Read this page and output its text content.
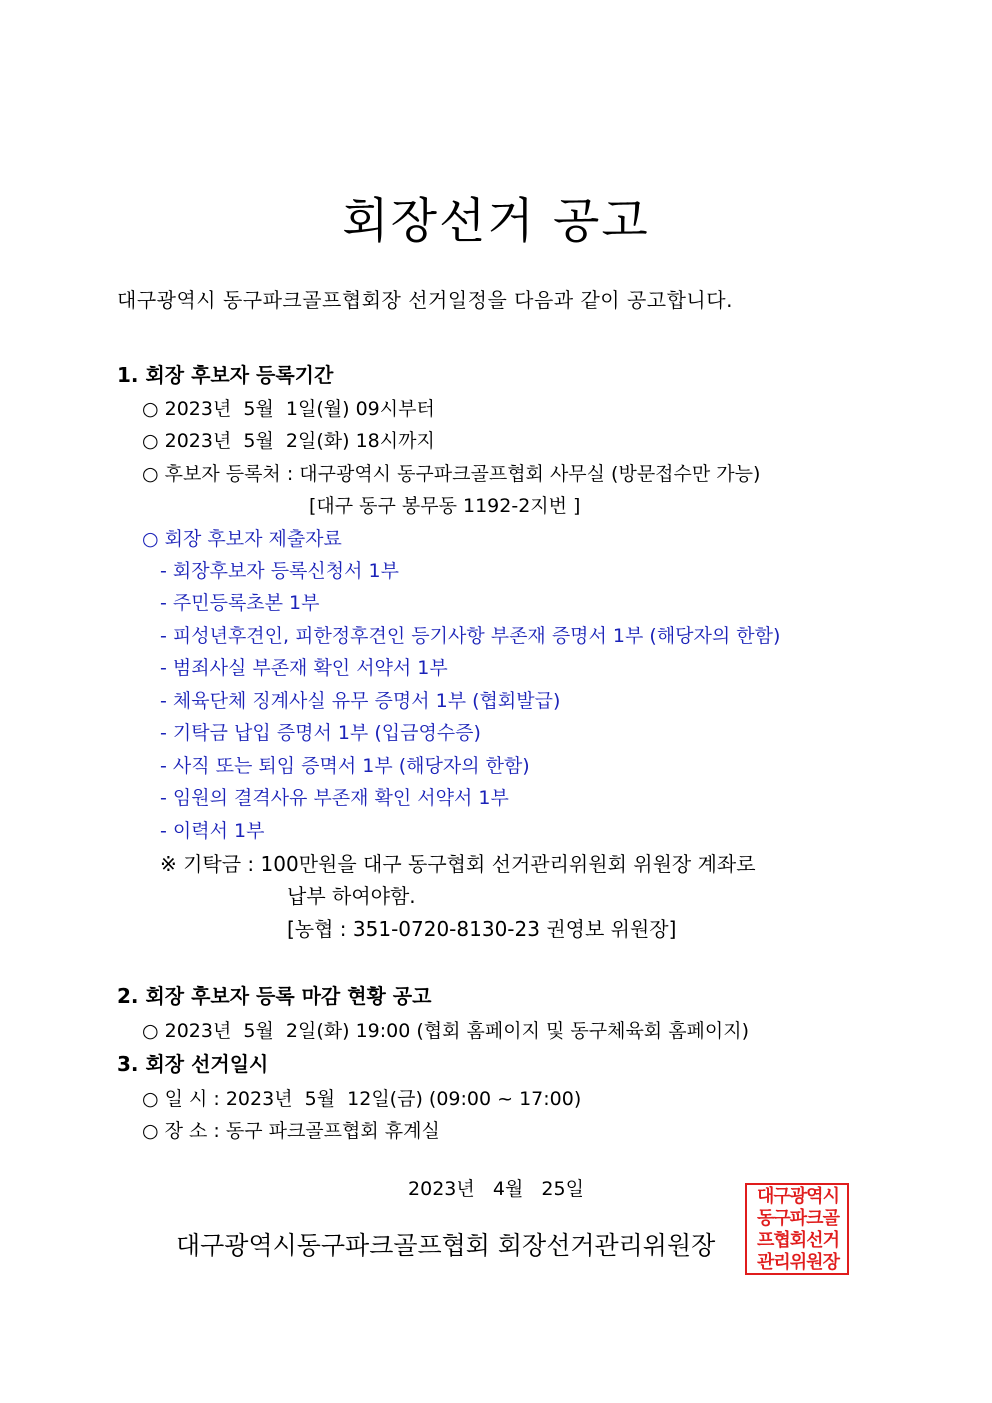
회장선거 공고
대구광역시 동구파크골프협회장 선거일정을 다음과 같이 공고합니다.
1. 회장 후보자 등록기간
○ 2023년  5월  1일(월) 09시부터
○ 2023년  5월  2일(화) 18시까지
○ 후보자 등록처 : 대구광역시 동구파크골프협회 사무실 (방문접수만 가능)
[대구 동구 봉무동 1192-2지번 ]
○ 회장 후보자 제출자료
- 회장후보자 등록신청서 1부
- 주민등록초본 1부
- 피성년후견인, 피한정후견인 등기사항 부존재 증명서 1부 (해당자의 한함)
- 범죄사실 부존재 확인 서약서 1부
- 체육단체 징계사실 유무 증명서 1부 (협회발급)
- 기탁금 납입 증명서 1부 (입금영수증)
- 사직 또는 퇴임 증멱서 1부 (해당자의 한함)
- 임원의 결격사유 부존재 확인 서약서 1부
- 이력서 1부
※ 기탁금 : 100만원을 대구 동구협회 선거관리위원회 위원장 계좌로
납부 하여야함.
[농협 : 351-0720-8130-23 권영보 위원장]
2. 회장 후보자 등록 마감 현황 공고
○ 2023년  5월  2일(화) 19:00 (협회 홈페이지 및 동구체육회 홈페이지)
3. 회장 선거일시
○ 일 시 : 2023년  5월  12일(금) (09:00 ~ 17:00)
○ 장 소 : 동구 파크골프협회 휴계실
2023년   4월   25일
대구광역시동구파크골프협회 회장선거관리위원장
대구광역시
동구파크골
프협회선거
관리위원장
